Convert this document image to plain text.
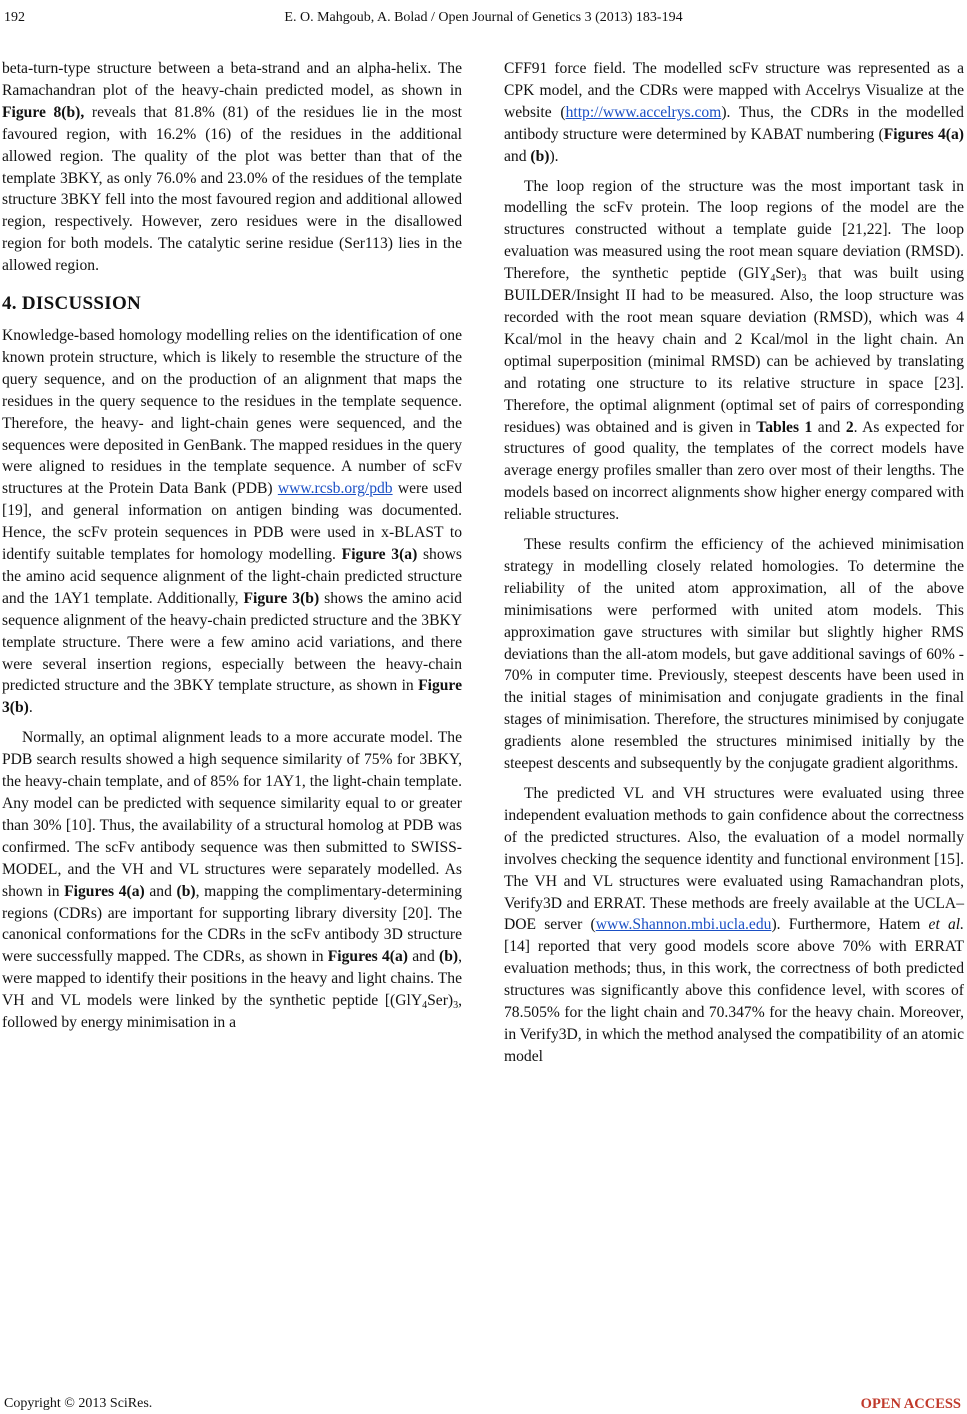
192	E. O. Mahgoub, A. Bolad / Open Journal of Genetics 3 (2013) 183-194

beta-turn-type structure between a beta-strand and an alpha-helix. The Ramachandran plot of the heavy-chain predicted model, as shown in Figure 8(b), reveals that 81.8% (81) of the residues lie in the most favoured region, with 16.2% (16) of the residues in the additional allowed region. The quality of the plot was better than that of the template 3BKY, as only 76.0% and 23.0% of the residues of the template structure 3BKY fell into the most favoured region and additional allowed region, respectively. However, zero residues were in the disallowed region for both models. The catalytic serine residue (Ser113) lies in the allowed region.

4. DISCUSSION

Knowledge-based homology modelling relies on the identification of one known protein structure, which is likely to resemble the structure of the query sequence, and on the production of an alignment that maps the residues in the query sequence to the residues in the template sequence. Therefore, the heavy- and light-chain genes were sequenced, and the sequences were deposited in GenBank. The mapped residues in the query were aligned to residues in the template sequence. A number of scFv structures at the Protein Data Bank (PDB) www.rcsb.org/pdb were used [19], and general information on antigen binding was documented. Hence, the scFv protein sequences in PDB were used in x-BLAST to identify suitable templates for homology modelling. Figure 3(a) shows the amino acid sequence alignment of the light-chain predicted structure and the 1AY1 template. Additionally, Figure 3(b) shows the amino acid sequence alignment of the heavy-chain predicted structure and the 3BKY template structure. There were a few amino acid variations, and there were several insertion regions, especially between the heavy-chain predicted structure and the 3BKY template structure, as shown in Figure 3(b).

Normally, an optimal alignment leads to a more accurate model. The PDB search results showed a high sequence similarity of 75% for 3BKY, the heavy-chain template, and of 85% for 1AY1, the light-chain template. Any model can be predicted with sequence similarity equal to or greater than 30% [10]. Thus, the availability of a structural homolog at PDB was confirmed. The scFv antibody sequence was then submitted to SWISS-MODEL, and the VH and VL structures were separately modelled. As shown in Figures 4(a) and (b), mapping the complimentary-determining regions (CDRs) are important for supporting library diversity [20]. The canonical conformations for the CDRs in the scFv antibody 3D structure were successfully mapped. The CDRs, as shown in Figures 4(a) and (b), were mapped to identify their positions in the heavy and light chains. The VH and VL models were linked by the synthetic peptide [$(GlY_4Ser)_3$, followed by energy minimisation in a

CFF91 force field. The modelled scFv structure was represented as a CPK model, and the CDRs were mapped with Accelrys Visualize at the website (http://www.accelrys.com). Thus, the CDRs in the modelled antibody structure were determined by KABAT numbering (Figures 4(a) and (b)).

The loop region of the structure was the most important task in modelling the scFv protein. The loop regions of the model are the structures constructed without a template guide [21,22]. The loop evaluation was measured using the root mean square deviation (RMSD). Therefore, the synthetic peptide $(GlY_4Ser)_3$ that was built using BUILDER/Insight II had to be measured. Also, the loop structure was recorded with the root mean square deviation (RMSD), which was 4 Kcal/mol in the heavy chain and 2 Kcal/mol in the light chain. An optimal superposition (minimal RMSD) can be achieved by translating and rotating one structure to its relative structure in space [23]. Therefore, the optimal alignment (optimal set of pairs of corresponding residues) was obtained and is given in Tables 1 and 2. As expected for structures of good quality, the templates of the correct models have average energy profiles smaller than zero over most of their lengths. The models based on incorrect alignments show higher energy compared with reliable structures.

These results confirm the efficiency of the achieved minimisation strategy in modelling closely related homologies. To determine the reliability of the united atom approximation, all of the above minimisations were performed with united atom models. This approximation gave structures with similar but slightly higher RMS deviations than the all-atom models, but gave additional savings of 60% - 70% in computer time. Previously, steepest descents have been used in the initial stages of minimisation and conjugate gradients in the final stages of minimisation. Therefore, the structures minimised by conjugate gradients alone resembled the structures minimised initially by the steepest descents and subsequently by the conjugate gradient algorithms.

The predicted VL and VH structures were evaluated using three independent evaluation methods to gain confidence about the correctness of the predicted structures. Also, the evaluation of a model normally involves checking the sequence identity and functional environment [15]. The VH and VL structures were evaluated using Ramachandran plots, Verify3D and ERRAT. These methods are freely available at the UCLA–DOE server (www.Shannon.mbi.ucla.edu). Furthermore, Hatem et al. [14] reported that very good models score above 70% with ERRAT evaluation methods; thus, in this work, the correctness of both predicted structures was significantly above this confidence level, with scores of 78.505% for the light chain and 70.347% for the heavy chain. Moreover, in Verify3D, in which the method analysed the compatibility of an atomic model

Copyright © 2013 SciRes.	OPEN ACCESS
